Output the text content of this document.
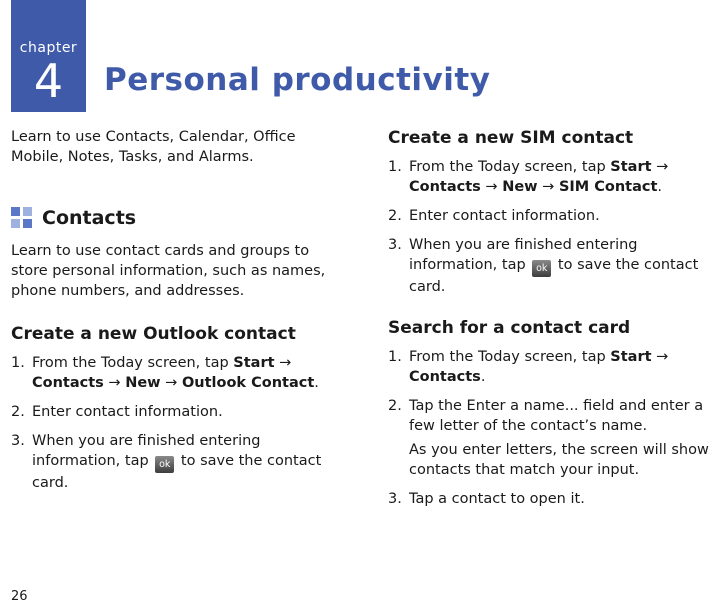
chapter
4	Personal productivity

Learn to use Contacts, Calendar, Office Mobile, Notes, Tasks, and Alarms.

Contacts

Learn to use contact cards and groups to store personal information, such as names, phone numbers, and addresses.

Create a new Outlook contact
1. From the Today screen, tap Start →
Contacts → New → Outlook Contact.
2. Enter contact information.
3. When you are finished entering information, tap ok to save the contact card.
26
Create a new SIM contact
1. From the Today screen, tap Start →
Contacts → New → SIM Contact.
2. Enter contact information.
3. When you are finished entering information, tap ok to save the contact card.
Search for a contact card
1. From the Today screen, tap Start →
Contacts.
2. Tap the Enter a name... field and enter a few letter of the contact’s name.
As you enter letters, the screen will show contacts that match your input.
3. Tap a contact to open it.
